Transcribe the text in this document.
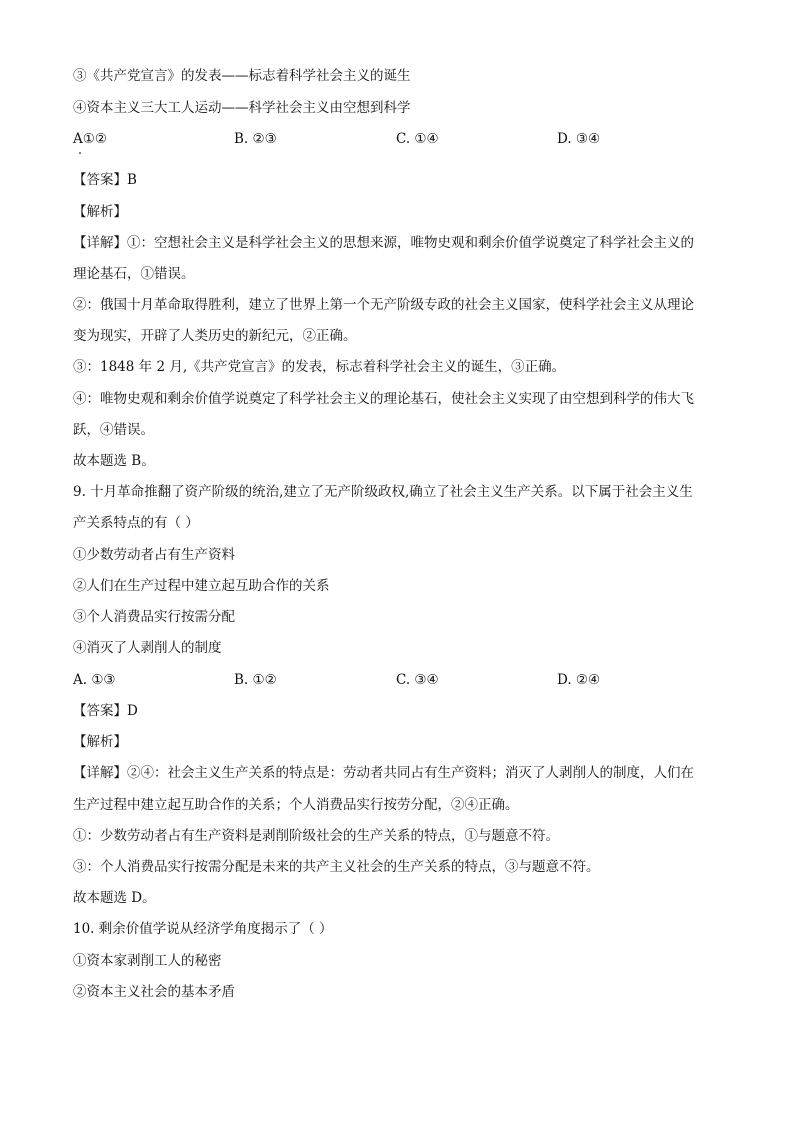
③《共产党宣言》的发表——标志着科学社会主义的诞生
④资本主义三大工人运动——科学社会主义由空想到科学
A①②	B. ②③	C. ①④	D. ③④
【答案】B
【解析】
【详解】①：空想社会主义是科学社会主义的思想来源，唯物史观和剩余价值学说奠定了科学社会主义的
理论基石，①错误。
②：俄国十月革命取得胜利，建立了世界上第一个无产阶级专政的社会主义国家，使科学社会主义从理论
变为现实，开辟了人类历史的新纪元，②正确。
③：1848 年 2 月,《共产党宣言》的发表，标志着科学社会主义的诞生，③正确。
④：唯物史观和剩余价值学说奠定了科学社会主义的理论基石，使社会主义实现了由空想到科学的伟大飞
跃，④错误。
故本题选 B。
9. 十月革命推翻了资产阶级的统治,建立了无产阶级政权,确立了社会主义生产关系。以下属于社会主义生
产关系特点的有（ ）
①少数劳动者占有生产资料
②人们在生产过程中建立起互助合作的关系
③个人消费品实行按需分配
④消灭了人剥削人的制度
A. ①③	B. ①②	C. ③④	D. ②④
【答案】D
【解析】
【详解】②④：社会主义生产关系的特点是：劳动者共同占有生产资料；消灭了人剥削人的制度，人们在
生产过程中建立起互助合作的关系；个人消费品实行按劳分配，②④正确。
①：少数劳动者占有生产资料是剥削阶级社会的生产关系的特点，①与题意不符。
③：个人消费品实行按需分配是未来的共产主义社会的生产关系的特点，③与题意不符。
故本题选 D。
10. 剩余价值学说从经济学角度揭示了（ ）
①资本家剥削工人的秘密
②资本主义社会的基本矛盾
